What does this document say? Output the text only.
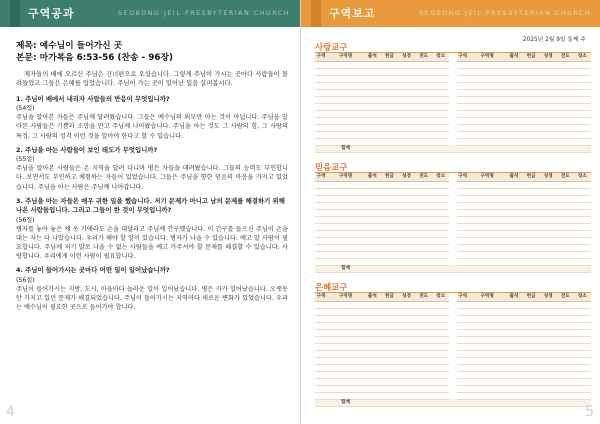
구역공과	SEOBONG JEIL PRESBYTERIAN CHURCH
제목: 예수님이 들어가신 곳
본문: 마가복음 6:53-56 (찬송 - 96장)

제자들의 배에 오르신 주님은 건너편으로 오셨습니다. 그렇게 주님이 가시는 곳마다 사람들이 몰려들었고 그들은 은혜를 입었습니다. 주님이 가는 곳이 일어난 일을 살펴봅시다.

1. 주님이 배에서 내리자 사람들의 반응이 무엇입니까?
(54절)

주님을 알아본 자들은 주님께 달려왔습니다. 그들은 예수님의 외모만 아는 것이 아닙니다. 주님을 알아본 사람들은 기쁨과 소망을 안고 주님께 나아왔습니다. 주님을 아는 것도 그 사람의 힘, 그 사람의 특징, 그 사람의 성격 이런 것을 알아야 한다고 할 수 있습니다.

2. 주님을 아는 사람들이 보인 태도가 무엇입니까?
(55절)

주님을 알아본 사람들은 온 지역을 달려 다니며 병든 자들을 데려왔습니다. 그들의 능력도 부인합니다. 보면서도 부인하고 체험하는 자들이 있었습니다. 그들은 주님을 향한 믿음의 마음을 가지고 있었습니다. 주님을 아는 사람은 주님께 나아갑니다.

3. 주님을 아는 자들은 매우 귀한 일을 했습니다. 저기 문제가 아니고 남의 문제를 해결하기 위해 나온 사람들입니다. 그리고 그들이 한 것이 무엇입니까?
(56절)

병자를 놓아 놓은 채 옷 가에라도 손을 대달라고 주님께 간구했습니다. 이 간구를 들으신 주님이 손을 대는 자는 다 나았습니다. 우리가 해야 할 일이 있습니다. 병자가 나을 수 있습니다. 예고 알 사람이 필요합니다. 주님께 저기 발로 나올 수 없는 사람들을 예고 가주셔야 할 문제를 해결할 수 있습니다. 사랑합니다. 우리에게 이런 사람이 필요합니다.

4. 주님이 들어가시는 곳마다 어떤 일이 일어났습니까?
(56절)

주님이 들어가시는 지방, 도시, 마을마다 놀라운 일이 일어났습니다. 병든 자가 일어났습니다. 오랫동안 가지고 있던 문제가 해결되었습니다. 주님이 들어가시는 지역마다 새로운 변화가 있었습니다. 우리는 예수님이 필요한 곳으로 들어가야 합니다.

4
구역보고	SEOBONG JEIL PRESBYTERIAN CHURCH
2025년 2월 9일 둘째 주
사랑교구
구역	구역명	출석	헌금	성경	전도	장소		구역	구역명	출석	헌금	성경	전도	장소

	합계													
믿음교구
구역	구역명	출석	헌금	성경	전도	장소		구역	구역명	출석	헌금	성경	전도	장소

	합계													
은혜교구
구역	구역명	출석	헌금	성경	전도	장소		구역	구역명	출석	헌금	성경	전도	장소

	합계													
5
